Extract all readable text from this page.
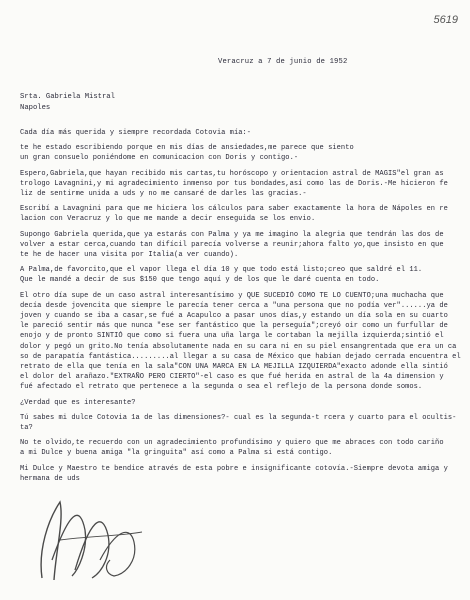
5619
Veracruz a 7 de junio de 1952
Srta. Gabriela Mistral
Napoles
Cada día más querida y siempre recordada Cotovia mía:-
te he estado escribiendo porque en mis días de ansiedades,me parece que siento
un gran consuelo poniéndome en comunicacion con Doris y contigo.-
Espero,Gabriela,que hayan recibido mis cartas,tu horóscopo y orientacion astral de MAGIS"el gran as
trologo Lavagnini,y mi agradecimiento inmenso por tus bondades,así como las de Doris.-Me hicieron fe
liz de sentirme unida a uds y no me cansaré de darles las gracias.-
Escribí a Lavagnini para que me hiciera los cálculos para saber exactamente la hora de Nápoles en re
lacion con Veracruz y lo que me mande a decir enseguida se los envio.
Supongo Gabriela querida,que ya estarás con Palma y ya me imagino la alegria que tendrán las dos de
volver a estar cerca,cuando tan difícil parecía volverse a reunir;ahora falto yo,que insisto en que
te he de hacer una visita por Italia(a ver cuando).
A Palma,de favorcito,que el vapor llega el día 10 y que todo está listo;creo que saldré el 11.
Que le mandé a decir de sus $150 que tengo aquí y de los que le daré cuenta en todo.
El otro día supe de un caso astral interesantísimo y QUE SUCEDIÓ COMO TE LO CUENTO;una muchacha que
decía desde jovencita que siempre le parecía tener cerca a "una persona que no podía ver"......ya de
joven y cuando se iba a casar,se fué a Acapulco a pasar unos días,y estando un día sola en su cuarto
le pareció sentir más que nunca "ese ser fantástico que la perseguía";creyó oir como un furfullar de
enojo y de pronto SINTIÓ que como si fuera una uña larga le cortaban la mejilla izquierda;sintió el
dolor y pegó un grito.No tenía absolutamente nada en su cara ni en su piel ensangrentada que era un ca
so de parapatía fantástica.........al llegar a su casa de México que habían dejado cerrada encuentra el
retrato de ella que tenía en la sala"CON UNA MARCA EN LA MEJILLA IZQUIERDA"exacto adonde ella sintió
el dolor del arañazo."EXTRAÑO PERO CIERTO"-el caso es que fué herida en astral de la 4a dimension y
fué afectado el retrato que pertenece a la segunda o sea el reflejo de la persona donde somos.
¿Verdad que es interesante?
Tú sabes mi dulce Cotovia 1a de las dimensiones?- cual es la segunda-t rcera y cuarto para el ocultis-
ta?
No te olvido,te recuerdo con un agradecimiento profundísimo y quiero que me abraces con todo cariño
a mi Dulce y buena amiga "la gringuita" así como a Palma si está contigo.
Mi Dulce y Maestro te bendice através de esta pobre e insignificante cotovía.-Siempre devota amiga y
hermana de uds
